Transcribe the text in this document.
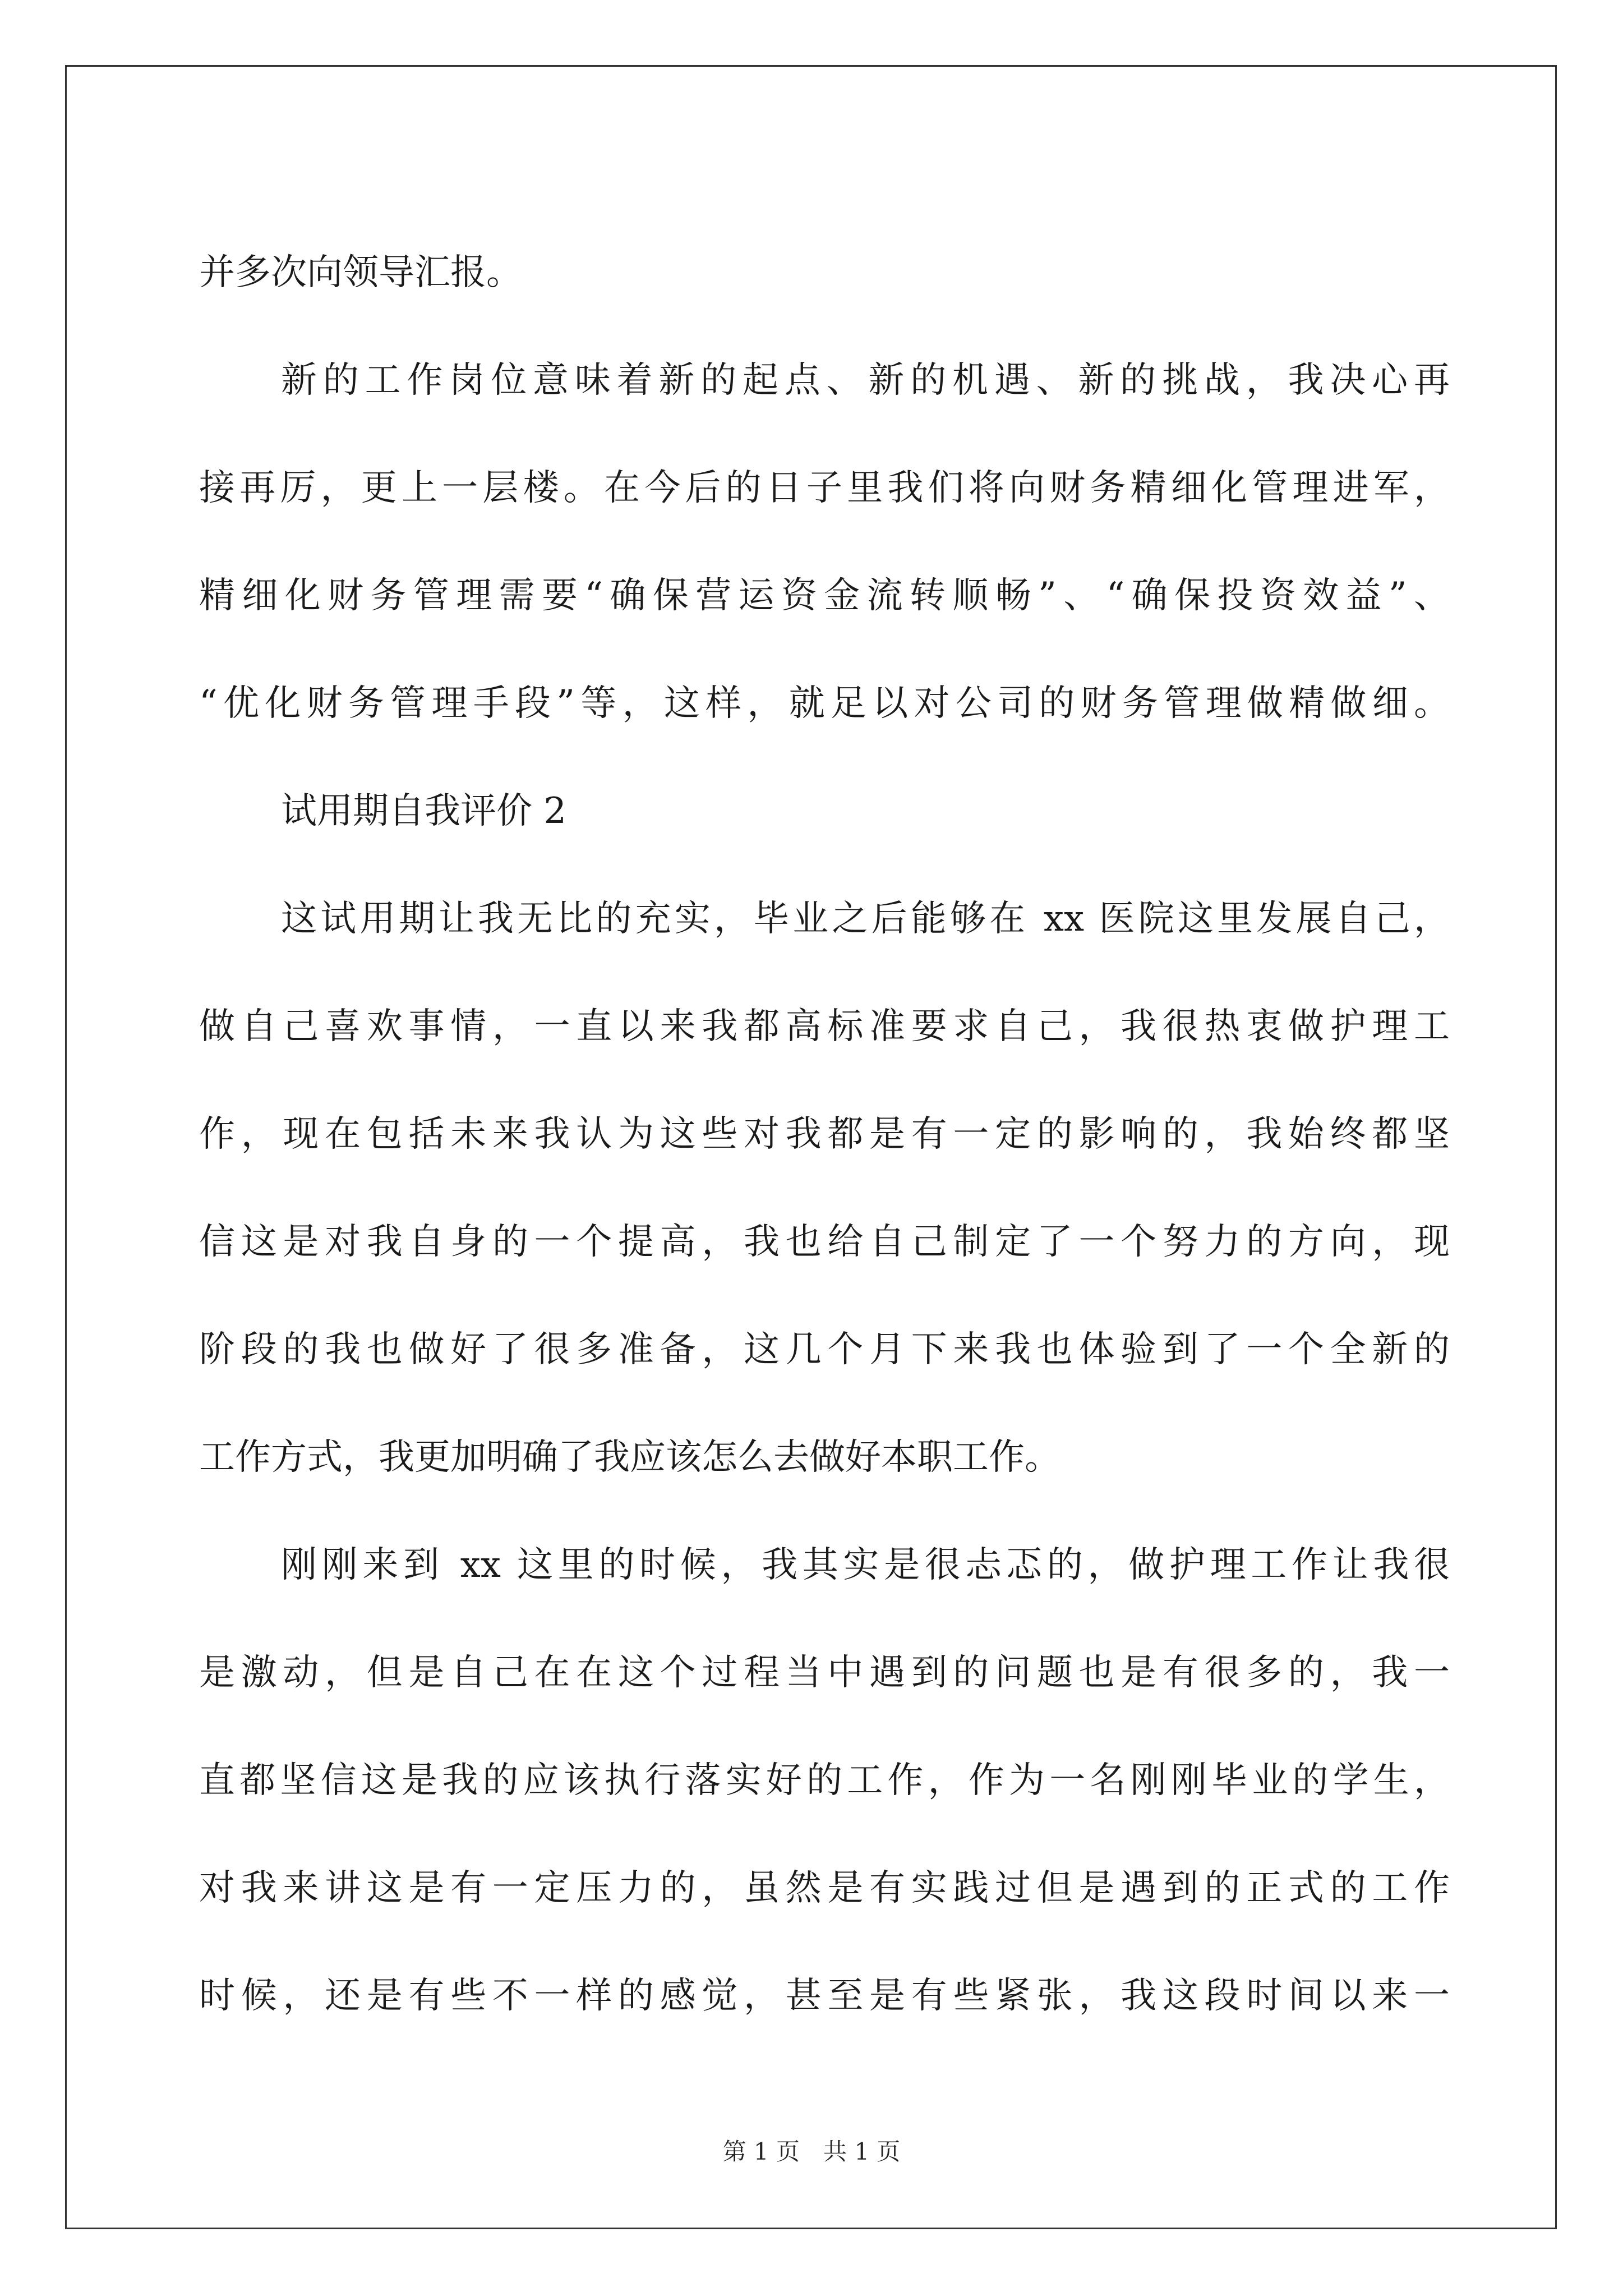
并多次向领导汇报。
新的工作岗位意味着新的起点、新的机遇、新的挑战，我决心再
接再厉，更上一层楼。在今后的日子里我们将向财务精细化管理进军，
精细化财务管理需要“确保营运资金流转顺畅”、“确保投资效益”、
“优化财务管理手段”等，这样，就足以对公司的财务管理做精做细。
试用期自我评价 2
这试用期让我无比的充实，毕业之后能够在 xx 医院这里发展自己，
做自己喜欢事情，一直以来我都高标准要求自己，我很热衷做护理工
作，现在包括未来我认为这些对我都是有一定的影响的，我始终都坚
信这是对我自身的一个提高，我也给自己制定了一个努力的方向，现
阶段的我也做好了很多准备，这几个月下来我也体验到了一个全新的
工作方式，我更加明确了我应该怎么去做好本职工作。
刚刚来到 xx 这里的时候，我其实是很忐忑的，做护理工作让我很
是激动，但是自己在在这个过程当中遇到的问题也是有很多的，我一
直都坚信这是我的应该执行落实好的工作，作为一名刚刚毕业的学生，
对我来讲这是有一定压力的，虽然是有实践过但是遇到的正式的工作
时候，还是有些不一样的感觉，甚至是有些紧张，我这段时间以来一
第 1 页 共 1 页
